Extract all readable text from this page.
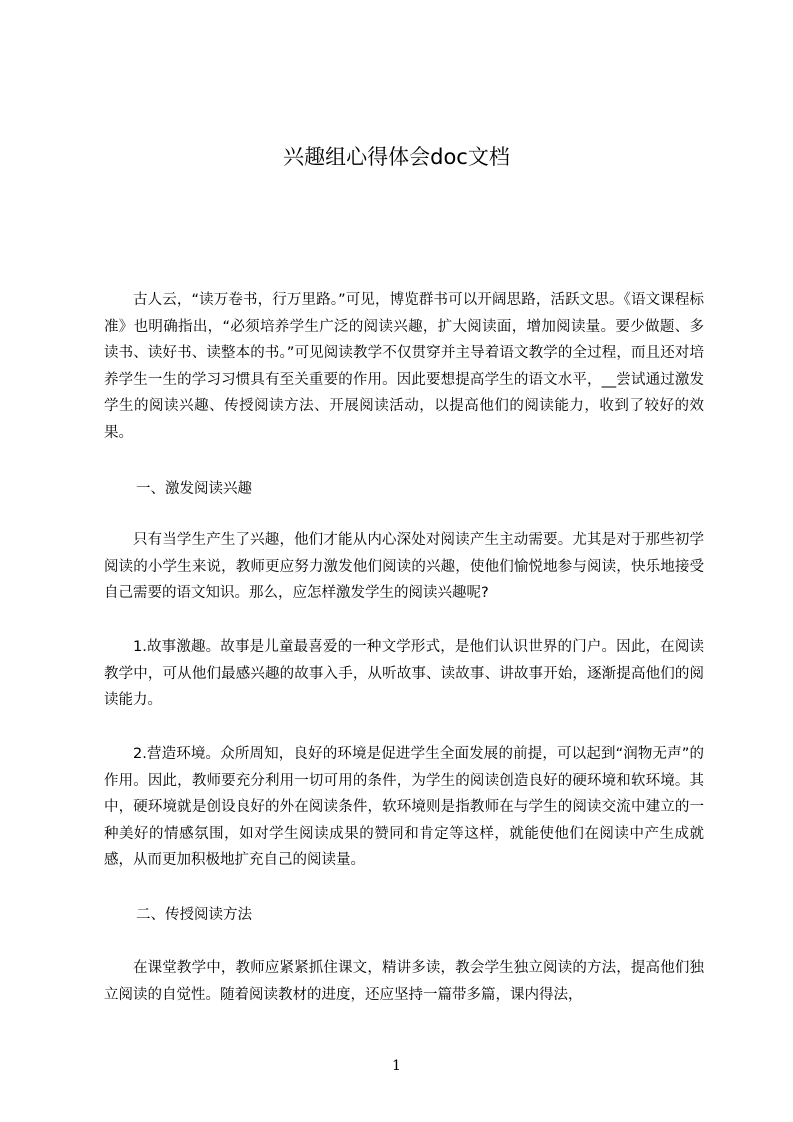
兴趣组心得体会doc文档

古人云，“读万卷书，行万里路。”可见，博览群书可以开阔思路，活跃文思。《语文课程标准》也明确指出，“必须培养学生广泛的阅读兴趣，扩大阅读面，增加阅读量。要少做题、多读书、读好书、读整本的书。”可见阅读教学不仅贯穿并主导着语文教学的全过程，而且还对培养学生一生的学习习惯具有至关重要的作用。因此要想提高学生的语文水平，__尝试通过激发学生的阅读兴趣、传授阅读方法、开展阅读活动，以提高他们的阅读能力，收到了较好的效果。

一、激发阅读兴趣

只有当学生产生了兴趣，他们才能从内心深处对阅读产生主动需要。尤其是对于那些初学阅读的小学生来说，教师更应努力激发他们阅读的兴趣，使他们愉悦地参与阅读，快乐地接受自己需要的语文知识。那么，应怎样激发学生的阅读兴趣呢?

1.故事激趣。故事是儿童最喜爱的一种文学形式，是他们认识世界的门户。因此，在阅读教学中，可从他们最感兴趣的故事入手，从听故事、读故事、讲故事开始，逐渐提高他们的阅读能力。

2.营造环境。众所周知，良好的环境是促进学生全面发展的前提，可以起到“润物无声”的作用。因此，教师要充分利用一切可用的条件，为学生的阅读创造良好的硬环境和软环境。其中，硬环境就是创设良好的外在阅读条件，软环境则是指教师在与学生的阅读交流中建立的一种美好的情感氛围，如对学生阅读成果的赞同和肯定等这样，就能使他们在阅读中产生成就感，从而更加积极地扩充自己的阅读量。

二、传授阅读方法

在课堂教学中，教师应紧紧抓住课文，精讲多读，教会学生独立阅读的方法，提高他们独立阅读的自觉性。随着阅读教材的进度，还应坚持一篇带多篇，课内得法，

1
